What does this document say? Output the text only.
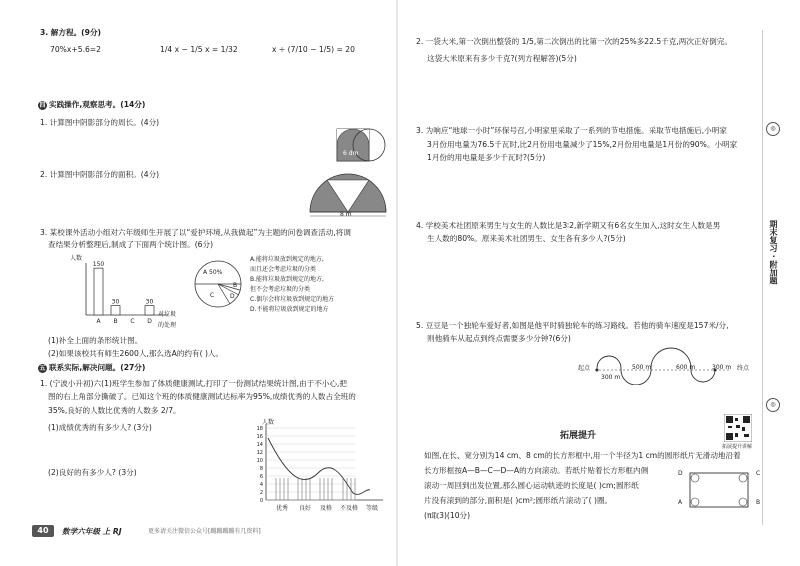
3. 解方程。(9分)
70%x+5.6=2	1/4 x − 1/5 x = 1/32	x ÷ (7/10 − 1/5) = 20
四 实践操作,观察思考。(14分)
1. 计算图中阴影部分的周长。(4分)
6 dm
2. 计算图中阴影部分的面积。(4分)
8 m
3. 某校课外活动小组对六年级师生开展了以“爱护环境,从我做起”为主题的问卷调查活动,将调
查结果分析整理后,制成了下面两个统计图。(6分)
150
A
30
B C
30
D
人数
对垃圾
的处理
A 50%
C
B
D
A.能将垃圾放到规定的地方,
而且还会考虑垃圾的分类
B.能将垃圾放到规定的地方,
但不会考虑垃圾的分类
C.偶尔会将垃圾放到规定的地方
D.不能将垃圾放到规定的地方
(1)补全上面的条形统计图。
(2)如果该校共有师生2600人,那么选A的约有( )人。
五 联系实际,解决问题。(27分)
1. (宁波小升初)六(1)班学生参加了体质健康测试,打印了一份测试结果统计图,由于不小心,把
图的右上角部分撕破了。已知这个班的体质健康测试达标率为95%,成绩优秀的人数占全班的
35%,良好的人数比优秀的人数多 2/7。
(1)成绩优秀的有多少人? (3分)
(2)良好的有多少人? (3分)
0
2
4
6
8
10
12
14
16
18
人数
优秀 良好 及格 不及格 等级
40	数学六年级 上 RJ	更多请关注微信公众号[蹦蹦蹦蹦有几资料]
2. 一袋大米,第一次倒出整袋的 1/5,第二次倒出的比第一次的25%多22.5千克,两次正好倒完。
这袋大米原来有多少千克?(列方程解答)(5分)
3. 为响应“地球一小时”环保号召,小明家里采取了一系列的节电措施。采取节电措施后,小明家
3月份用电量为76.5千瓦时,比2月份用电量减少了15%,2月份用电量是1月份的90%。小明家
1月份的用电量是多少千瓦时?(5分)
4. 学校美术社团原来男生与女生的人数比是3∶2,新学期又有6名女生加入,这时女生人数是男
生人数的80%。原来美术社团男生、女生各有多少人?(5分)
5. 豆豆是一个独轮车爱好者,如图是他平时骑独轮车的练习路线。若他的骑车速度是157米/分,
则他骑车从起点到终点需要多少分钟?(6分)
起点	终点
300 m
500 m	600 m	300 m
拓展提升讲解
拓展提升
如图,在长、宽分别为14 cm、8 cm的长方形框中,用一个半径为1 cm的圆形纸片无滑动地沿着
长方形框按A—B—C—D—A的方向滚动。若纸片贴着长方形框内侧
滚动一周回到出发位置,那么圆心运动轨迹的长度是( )cm;圆形纸
片没有滚到的部分,面积是( )cm²;圆形纸片滚动了( )圈。
(π取3)(10分)
A	B
C
D
◎
期末复习 · 附加题
◎
